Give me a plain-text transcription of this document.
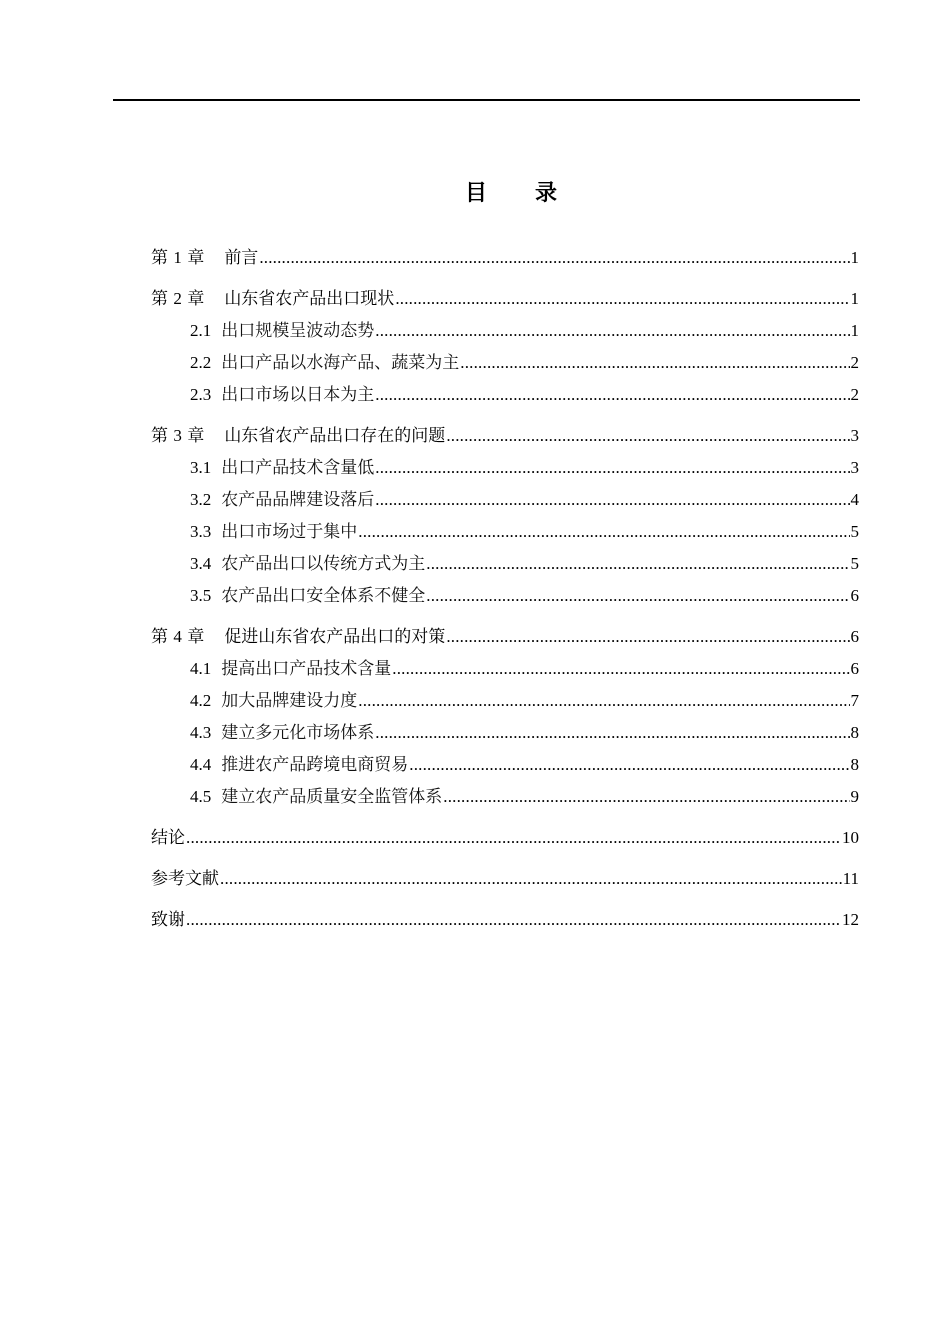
目 录
第 1 章 前言 .....	1
第 2 章 山东省农产品出口现状 .....	1
2.1 出口规模呈波动态势 .....	1
2.2 出口产品以水海产品、蔬菜为主 .....	2
2.3 出口市场以日本为主 .....	2
第 3 章 山东省农产品出口存在的问题 .....	3
3.1 出口产品技术含量低 .....	3
3.2 农产品品牌建设落后 .....	4
3.3 出口市场过于集中 .....	5
3.4 农产品出口以传统方式为主 .....	5
3.5 农产品出口安全体系不健全 .....	6
第 4 章 促进山东省农产品出口的对策 .....	6
4.1 提高出口产品技术含量 .....	6
4.2 加大品牌建设力度 .....	7
4.3 建立多元化市场体系 .....	8
4.4 推进农产品跨境电商贸易 .....	8
4.5 建立农产品质量安全监管体系 .....	9
结论 .....	10
参考文献 .....	11
致谢 .....	12
